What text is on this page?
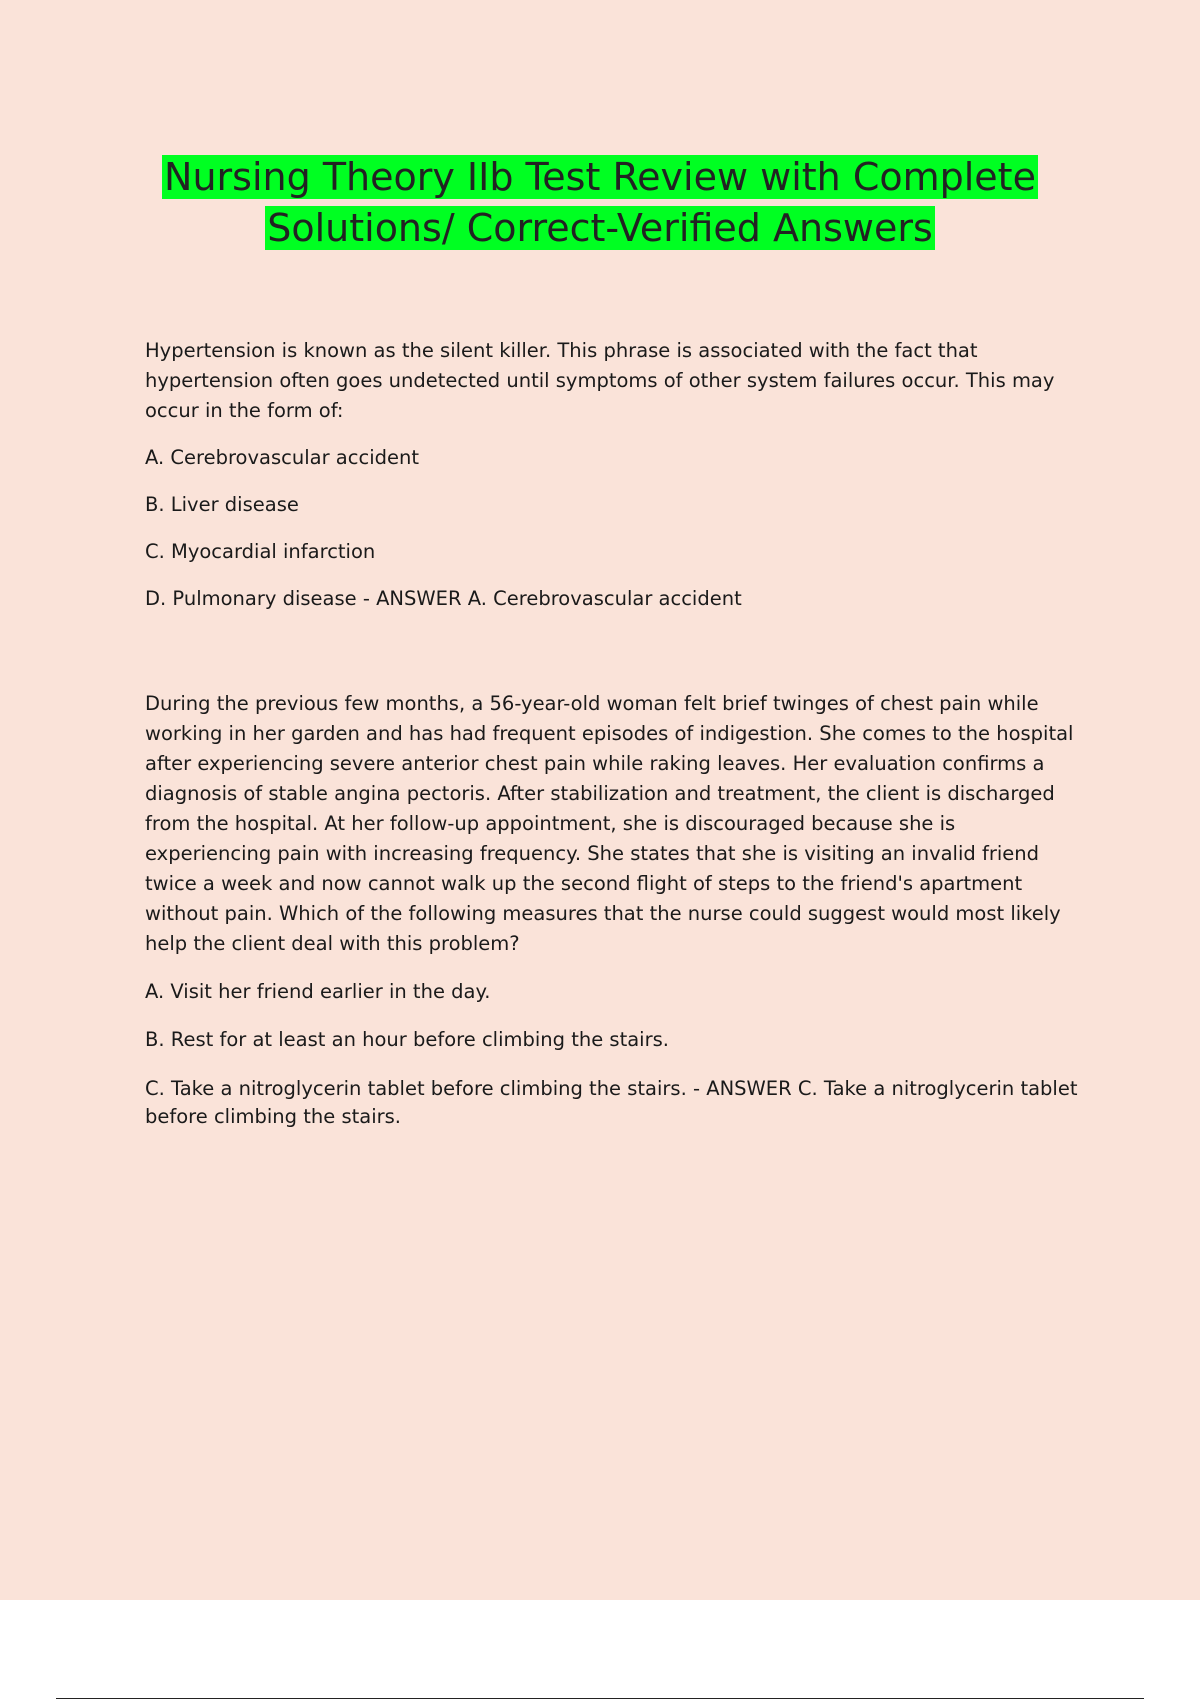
Nursing Theory IIb Test Review with Complete
Solutions/ Correct-Verified Answers

Hypertension is known as the silent killer. This phrase is associated with the fact that hypertension often goes undetected until symptoms of other system failures occur. This may occur in the form of:

A. Cerebrovascular accident

B. Liver disease

C. Myocardial infarction

D. Pulmonary disease - ANSWER A. Cerebrovascular accident

During the previous few months, a 56-year-old woman felt brief twinges of chest pain while working in her garden and has had frequent episodes of indigestion. She comes to the hospital after experiencing severe anterior chest pain while raking leaves. Her evaluation confirms a diagnosis of stable angina pectoris. After stabilization and treatment, the client is discharged from the hospital. At her follow-up appointment, she is discouraged because she is experiencing pain with increasing frequency. She states that she is visiting an invalid friend twice a week and now cannot walk up the second flight of steps to the friend's apartment without pain. Which of the following measures that the nurse could suggest would most likely help the client deal with this problem?

A. Visit her friend earlier in the day.

B. Rest for at least an hour before climbing the stairs.

C. Take a nitroglycerin tablet before climbing the stairs. - ANSWER C. Take a nitroglycerin tablet before climbing the stairs.
